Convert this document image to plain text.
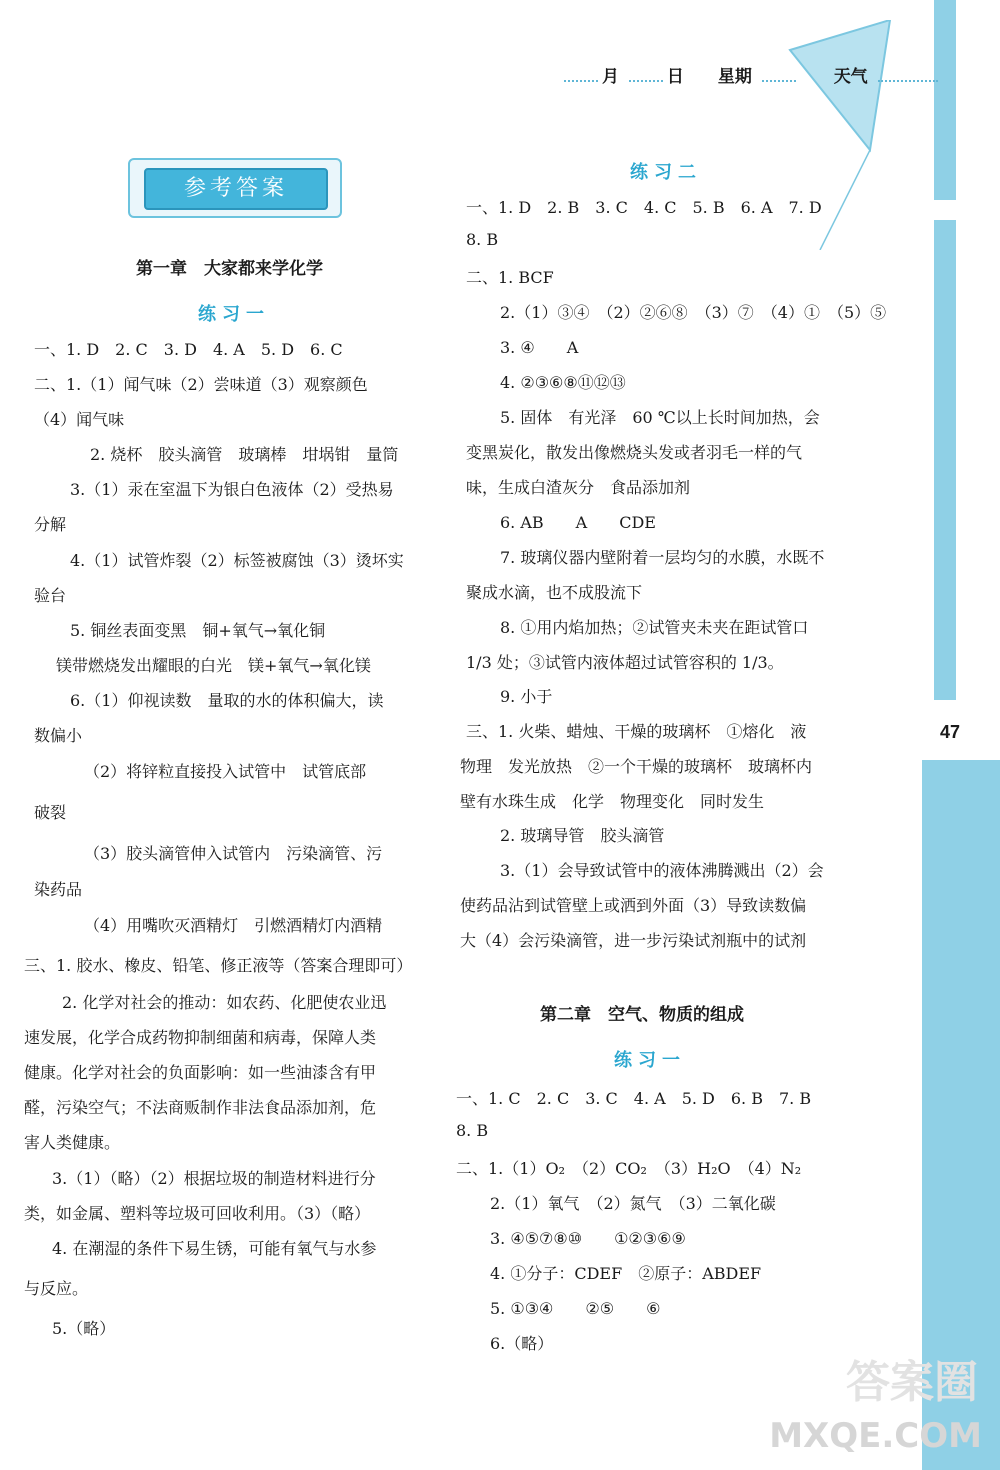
月	日 星期	天气
参考答案
47
答案圈
MXQE.COM
第一章　大家都来学化学
练习一
一、1. D　2. C　3. D　4. A　5. D　6. C
二、1.（1）闻气味（2）尝味道（3）观察颜色
（4）闻气味
2. 烧杯　胶头滴管　玻璃棒　坩埚钳　量筒
3.（1）汞在室温下为银白色液体（2）受热易
分解
4.（1）试管炸裂（2）标签被腐蚀（3）烫坏实
验台
5. 铜丝表面变黑　铜+氧气→氧化铜
镁带燃烧发出耀眼的白光　镁+氧气→氧化镁
6.（1）仰视读数　量取的水的体积偏大，读
数偏小
（2）将锌粒直接投入试管中　试管底部
破裂
（3）胶头滴管伸入试管内　污染滴管、污
染药品
（4）用嘴吹灭酒精灯　引燃酒精灯内酒精
三、1. 胶水、橡皮、铅笔、修正液等（答案合理即可）
2. 化学对社会的推动：如农药、化肥使农业迅
速发展，化学合成药物抑制细菌和病毒，保障人类
健康。化学对社会的负面影响：如一些油漆含有甲
醛，污染空气；不法商贩制作非法食品添加剂，危
害人类健康。
3.（1）（略）（2）根据垃圾的制造材料进行分
类，如金属、塑料等垃圾可回收利用。（3）（略）
4. 在潮湿的条件下易生锈，可能有氧气与水参
与反应。
5.（略）
练习二
一、1. D　2. B　3. C　4. C　5. B　6. A　7. D
8. B
二、1. BCF
2.（1）③④　（2）②⑥⑧　（3）⑦　（4）①　（5）⑤
3. ④　　A
4. ②③⑥⑧⑪⑫⑬
5. 固体　有光泽　60 ℃以上长时间加热，会
变黑炭化，散发出像燃烧头发或者羽毛一样的气
味，生成白渣灰分　食品添加剂
6. AB　　A　　CDE
7. 玻璃仪器内壁附着一层均匀的水膜，水既不
聚成水滴，也不成股流下
8. ①用内焰加热；②试管夹未夹在距试管口
1/3 处；③试管内液体超过试管容积的 1/3。
9. 小于
三、1. 火柴、蜡烛、干燥的玻璃杯　①熔化　液
物理　发光放热　②一个干燥的玻璃杯　玻璃杯内
壁有水珠生成　化学　物理变化　同时发生
2. 玻璃导管　胶头滴管
3.（1）会导致试管中的液体沸腾溅出（2）会
使药品沾到试管壁上或洒到外面（3）导致读数偏
大（4）会污染滴管，进一步污染试剂瓶中的试剂
第二章　空气、物质的组成
练习一
一、1. C　2. C　3. C　4. A　5. D　6. B　7. B
8. B
二、1.（1）O₂　（2）CO₂　（3）H₂O　（4）N₂
2.（1）氧气　（2）氮气　（3）二氧化碳
3. ④⑤⑦⑧⑩　　①②③⑥⑨
4. ①分子：CDEF　②原子：ABDEF
5. ①③④　　②⑤　　⑥
6.（略）
